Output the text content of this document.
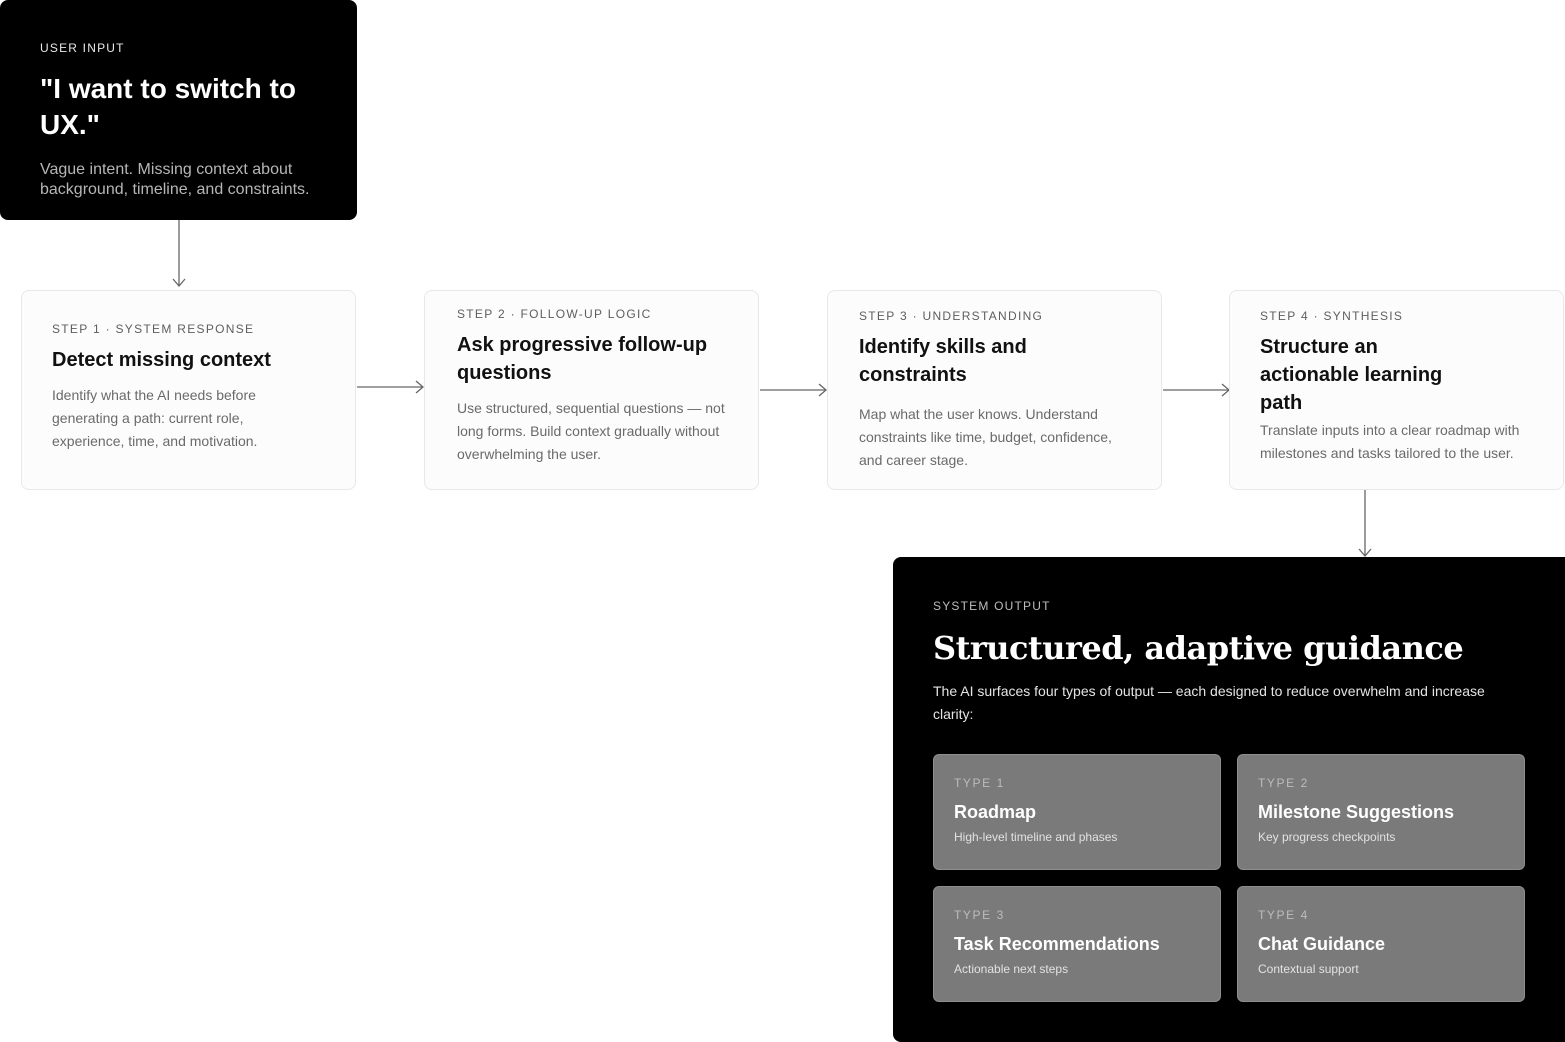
USER INPUT

"I want to switch to UX."

Vague intent. Missing context about background, timeline, and constraints.

STEP 1 · SYSTEM RESPONSE

Detect missing context

Identify what the AI needs before generating a path: current role, experience, time, and motivation.

STEP 2 · FOLLOW-UP LOGIC

Ask progressive follow-up questions

Use structured, sequential questions — not long forms. Build context gradually without overwhelming the user.

STEP 3 · UNDERSTANDING

Identify skills and constraints

Map what the user knows. Understand constraints like time, budget, confidence, and career stage.

STEP 4 · SYNTHESIS

Structure an actionable learning path

Translate inputs into a clear roadmap with milestones and tasks tailored to the user.

SYSTEM OUTPUT

Structured, adaptive guidance

The AI surfaces four types of output — each designed to reduce overwhelm and increase clarity:

TYPE 1

Roadmap

High-level timeline and phases

TYPE 2

Milestone Suggestions

Key progress checkpoints

TYPE 3

Task Recommendations

Actionable next steps

TYPE 4

Chat Guidance

Contextual support
